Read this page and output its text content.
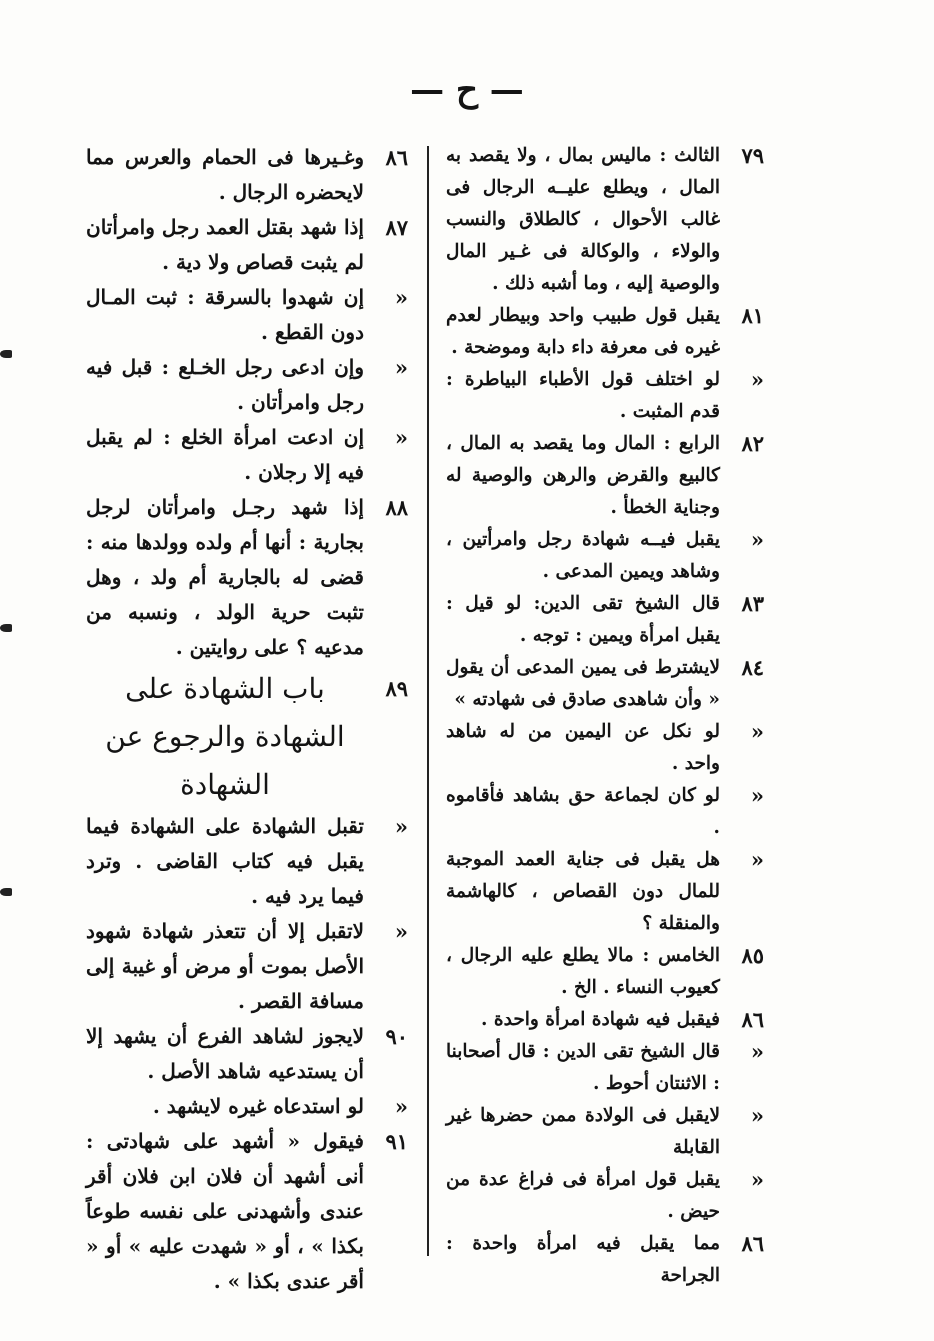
— ح —
٧٩
الثالث : ماليس بمال ، ولا يقصد به المال ، ويطلع عليــه الرجال فى غالب الأحوال ، كالطلاق والنسب والولاء ، والوكالة فى غـير المال والوصية إليه ، وما أشبه ذلك .
٨١
يقبل قول طبيب واحد وبيطار لعدم غيره فى معرفة داء دابة وموضحة .
«
لو اختلف قول الأطباء البياطرة : قدم المثبت .
٨٢
الرابع : المال وما يقصد به المال ، كالبيع والقرض والرهن والوصية له وجناية الخطأ .
«
يقبل فيــه شهادة رجل وامرأتين ، وشاهد ويمين المدعى .
٨٣
قال الشيخ تقى الدين: لو قيل : يقبل امرأة ويمين : توجه .
٨٤
لايشترط فى يمين المدعى أن يقول « وأن شاهدى صادق فى شهادته »
«
لو نكل عن اليمين من له شاهد واحد .
«
لو كان لجماعة حق بشاهد فأقاموه .
«
هل يقبل فى جناية العمد الموجبة للمال دون القصاص ، كالهاشمة والمنقلة ؟
٨٥
الخامس : مالا يطلع عليه الرجال ، كعيوب النساء . الخ .
٨٦
فيقبل فيه شهادة امرأة واحدة .
«
قال الشيخ تقى الدين : قال أصحابنا : الاثنتان أحوط .
«
لايقبل فى الولادة ممن حضرها غير القابلة
«
يقبل قول امرأة فى فراغ عدة من حيض .
٨٦
مما يقبل فيه امرأة واحدة : الجراحة
٨٦
وغـيرها فى الحمام والعرس مما لايحضره الرجال .
٨٧
إذا شهد بقتل العمد رجل وامرأتان لم يثبت قصاص ولا دية .
«
إن شهدوا بالسرقة : ثبت المـال دون القطع .
«
وإن ادعى رجل الخـلع : قبل فيه رجل وامرأتان .
«
إن ادعت امرأة الخلع : لم يقبل فيه إلا رجلان .
٨٨
إذا شهد رجـل وامرأتان لرجل بجارية : أنها أم ولده وولدها منه : قضى له بالجارية أم ولد ، وهل تثبت حرية الولد ، ونسبه من مدعيه ؟ على روايتين .
٨٩
باب الشهادة على الشهادة والرجوع عن الشهادة
«
تقبل الشهادة على الشهادة فيما يقبل فيه كتاب القاضى . وترد فيما يرد فيه .
«
لاتقبل إلا أن تتعذر شهادة شهود الأصل بموت أو مرض أو غيبة إلى مسافة القصر .
٩٠
لايجوز لشاهد الفرع أن يشهد إلا أن يستدعيه شاهد الأصل .
«
لو استدعاه غيره لايشهد .
٩١
فيقول « أشهد على شهادتى : أنى أشهد أن فلان ابن فلان أقر عندى وأشهدنى على نفسه طوعاً بكذا » ، أو « شهدت عليه » أو « أقر عندى بكذا » .
